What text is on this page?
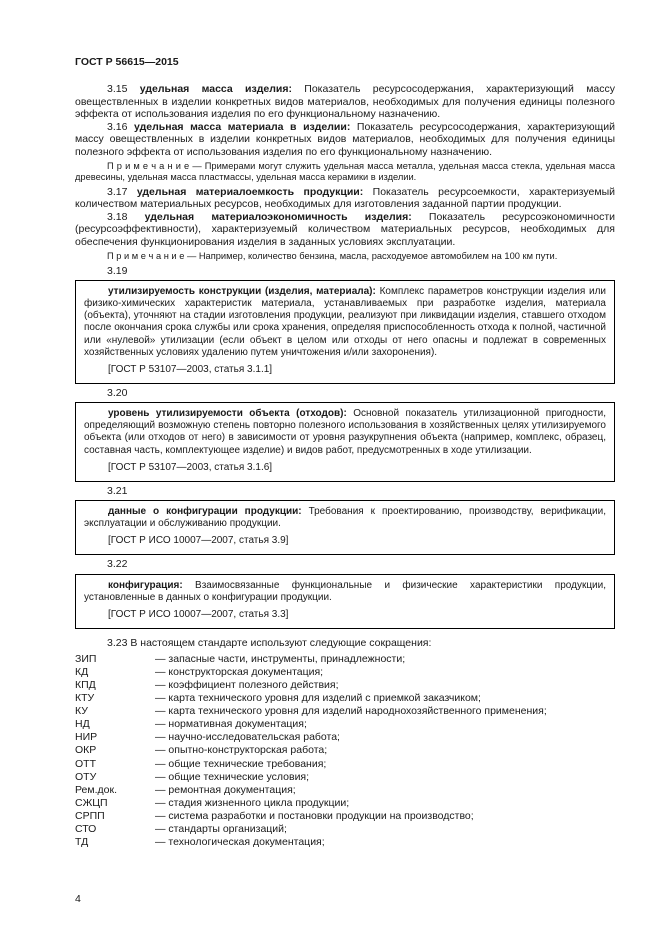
ГОСТ Р 56615—2015

3.15 удельная масса изделия: Показатель ресурсосодержания, характеризующий массу овеществленных в изделии конкретных видов материалов, необходимых для получения единицы полезного эффекта от использования изделия по его функциональному назначению.

3.16 удельная масса материала в изделии: Показатель ресурсосодержания, характеризующий массу овеществленных в изделии конкретных видов материалов, необходимых для получения единицы полезного эффекта от использования изделия по его функциональному назначению.

П р и м е ч а н и е — Примерами могут служить удельная масса металла, удельная масса стекла, удельная масса древесины, удельная масса пластмассы, удельная масса керамики в изделии.

3.17 удельная материалоемкость продукции: Показатель ресурсоемкости, характеризуемый количеством материальных ресурсов, необходимых для изготовления заданной партии продукции.

3.18 удельная материалоэкономичность изделия: Показатель ресурсоэкономичности (ресурсоэффективности), характеризуемый количеством материальных ресурсов, необходимых для обеспечения функционирования изделия в заданных условиях эксплуатации.

П р и м е ч а н и е — Например, количество бензина, масла, расходуемое автомобилем на 100 км пути.

3.19

утилизируемость конструкции (изделия, материала): Комплекс параметров конструкции изделия или физико-химических характеристик материала, устанавливаемых при разработке изделия, материала (объекта), уточняют на стадии изготовления продукции, реализуют при ликвидации изделия, ставшего отходом после окончания срока службы или срока хранения, определяя приспособленность отхода к полной, частичной или «нулевой» утилизации (если объект в целом или отходы от него опасны и подлежат в современных хозяйственных условиях удалению путем уничтожения и/или захоронения).

[ГОСТ Р 53107—2003, статья 3.1.1]

3.20

уровень утилизируемости объекта (отходов): Основной показатель утилизационной пригодности, определяющий возможную степень повторно полезного использования в хозяйственных целях утилизируемого объекта (или отходов от него) в зависимости от уровня разукрупнения объекта (например, комплекс, образец, составная часть, комплектующее изделие) и видов работ, предусмотренных в ходе утилизации.

[ГОСТ Р 53107—2003, статья 3.1.6]

3.21

данные о конфигурации продукции: Требования к проектированию, производству, верификации, эксплуатации и обслуживанию продукции.

[ГОСТ Р ИСО 10007—2007, статья 3.9]

3.22

конфигурация: Взаимосвязанные функциональные и физические характеристики продукции, установленные в данных о конфигурации продукции.

[ГОСТ Р ИСО 10007—2007, статья 3.3]

3.23 В настоящем стандарте используют следующие сокращения:

ЗИП	— запасные части, инструменты, принадлежности;
КД	— конструкторская документация;
КПД	— коэффициент полезного действия;
КТУ	— карта технического уровня для изделий с приемкой заказчиком;
КУ	— карта технического уровня для изделий народнохозяйственного применения;
НД	— нормативная документация;
НИР	— научно-исследовательская работа;
ОКР	— опытно-конструкторская работа;
ОТТ	— общие технические требования;
ОТУ	— общие технические условия;
Рем.док.	— ремонтная документация;
СЖЦП	— стадия жизненного цикла продукции;
СРПП	— система разработки и постановки продукции на производство;
СТО	— стандарты организаций;
ТД	— технологическая документация;
4
